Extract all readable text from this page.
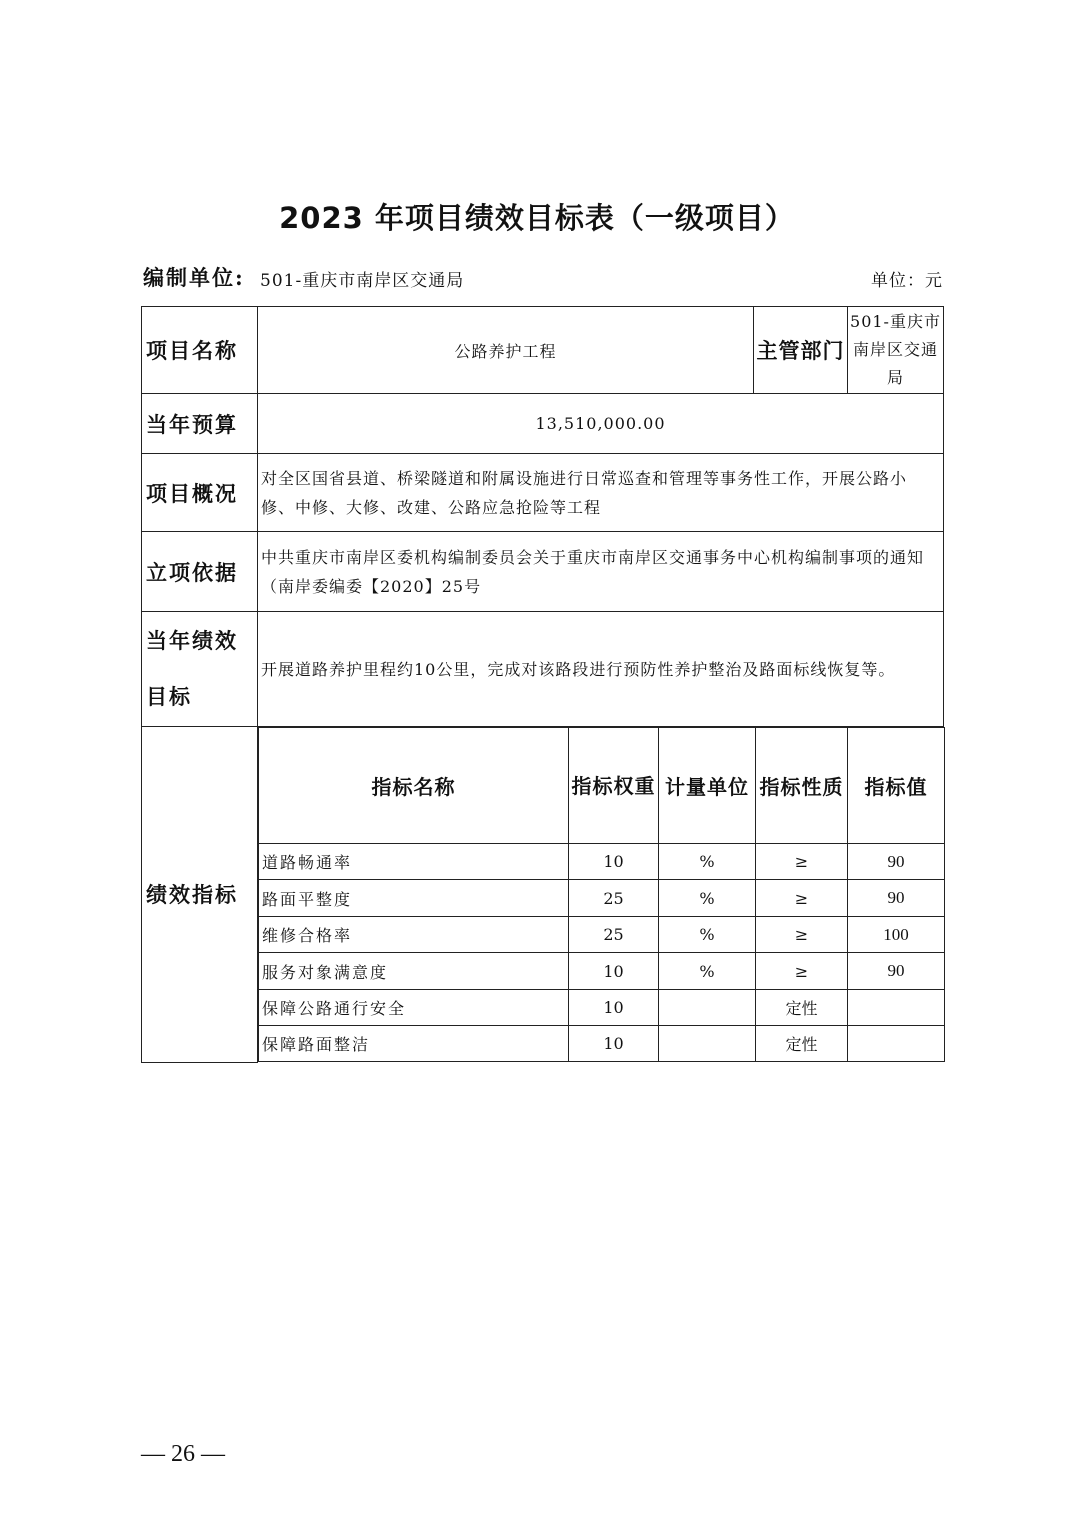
2023 年项目绩效目标表（一级项目）
编制单位: 501-重庆市南岸区交通局	单位：元
项目名称	公路养护工程	主管部门	501-重庆市南岸区交通局
当年预算	13,510,000.00
项目概况	对全区国省县道、桥梁隧道和附属设施进行日常巡查和管理等事务性工作，开展公路小修、中修、大修、改建、公路应急抢险等工程
立项依据	中共重庆市南岸区委机构编制委员会关于重庆市南岸区交通事务中心机构编制事项的通知（南岸委编委【2020】25号
当年绩效目标	开展道路养护里程约10公里，完成对该路段进行预防性养护整治及路面标线恢复等。
绩效指标	
指标名称	指标权重	计量单位	指标性质	指标值
道路畅通率	10	%	≥	90
路面平整度	25	%	≥	90
维修合格率	25	%	≥	100
服务对象满意度	10	%	≥	90
保障公路通行安全	10		定性	
保障路面整洁	10		定性	
— 26 —
